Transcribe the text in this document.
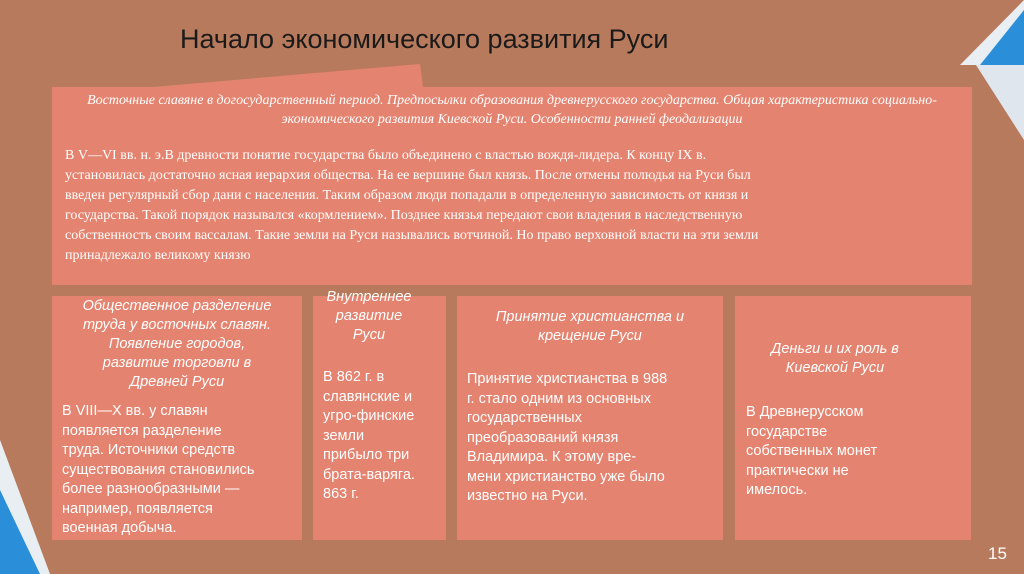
Начало экономического развития Руси
Восточные славяне в догосударственный период. Предпосылки образования древнерусского государства. Общая характеристика социально-экономического развития Киевской Руси. Особенности ранней феодализации
В V—VI вв. н. э.В древности понятие государства было объединено с властью вождя-лидера. К концу IX в.
установилась достаточно ясная иерархия общества. На ее вершине был князь. После отмены полюдья на Руси был
введен регулярный сбор дани с населения. Таким образом люди попадали в определенную зависимость от князя и
государства. Такой порядок назывался «кормлением». Позднее князья передают свои владения в наследственную
собственность своим вассалам. Такие земли на Руси назывались вотчиной. Но право верховной власти на эти земли
принадлежало великому князю
Общественное разделение
труда у восточных славян.
Появление городов,
развитие торговли в
Древней Руси
В VIII—X вв. у славян
появляется разделение
труда. Источники средств
существования становились
более разнообразными —
например, появляется
военная добыча.
Внутреннее
развитие
Руси
В 862 г. в
славянские и
угро-финские
земли
прибыло три
брата-варяга.
863 г.
Принятие христианства и
крещение Руси
Принятие христианства в 988
г. стало одним из основных
государственных
преобразований князя
Владимира. К этому вре-
мени христианство уже было
известно на Руси.
Деньги и их роль в
Киевской Руси
В Древнерусском
государстве
собственных монет
практически не
имелось.
15
